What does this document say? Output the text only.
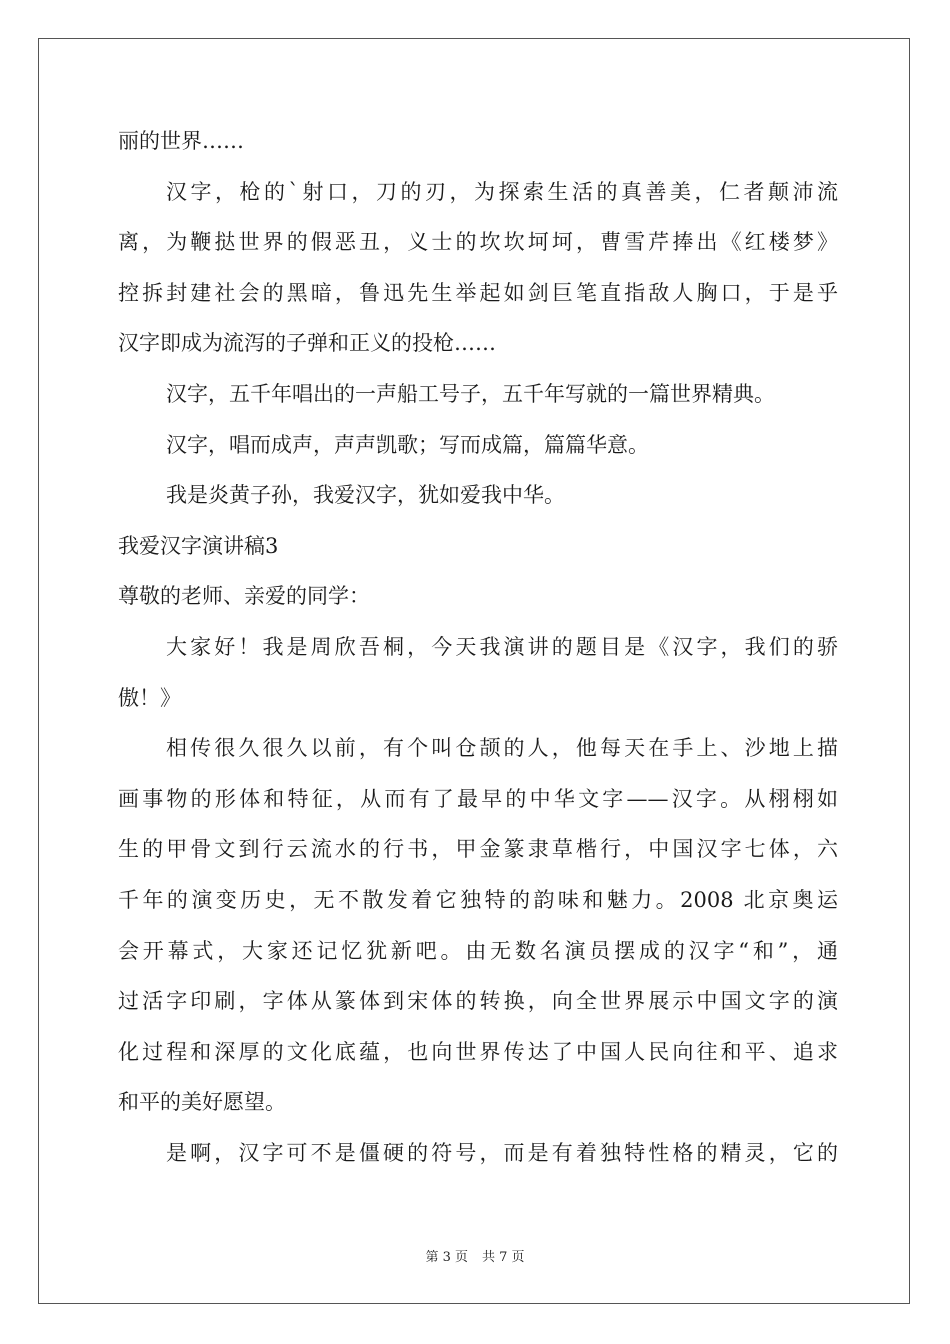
丽的世界……
汉字，枪的`射口，刀的刃，为探索生活的真善美，仁者颠沛流
离，为鞭挞世界的假恶丑，义士的坎坎坷坷，曹雪芹捧出《红楼梦》
控拆封建社会的黑暗，鲁迅先生举起如剑巨笔直指敌人胸口，于是乎
汉字即成为流泻的子弹和正义的投枪……
汉字，五千年唱出的一声船工号子，五千年写就的一篇世界精典。
汉字，唱而成声，声声凯歌；写而成篇，篇篇华意。
我是炎黄子孙，我爱汉字，犹如爱我中华。
我爱汉字演讲稿3
尊敬的老师、亲爱的同学：
大家好！我是周欣吾桐，今天我演讲的题目是《汉字，我们的骄
傲！》
相传很久很久以前，有个叫仓颉的人，他每天在手上、沙地上描
画事物的形体和特征，从而有了最早的中华文字——汉字。从栩栩如
生的甲骨文到行云流水的行书，甲金篆隶草楷行，中国汉字七体，六
千年的演变历史，无不散发着它独特的韵味和魅力。2008 北京奥运
会开幕式，大家还记忆犹新吧。由无数名演员摆成的汉字“和”，通
过活字印刷，字体从篆体到宋体的转换，向全世界展示中国文字的演
化过程和深厚的文化底蕴，也向世界传达了中国人民向往和平、追求
和平的美好愿望。
是啊，汉字可不是僵硬的符号，而是有着独特性格的精灵，它的
第 3 页 共 7 页
